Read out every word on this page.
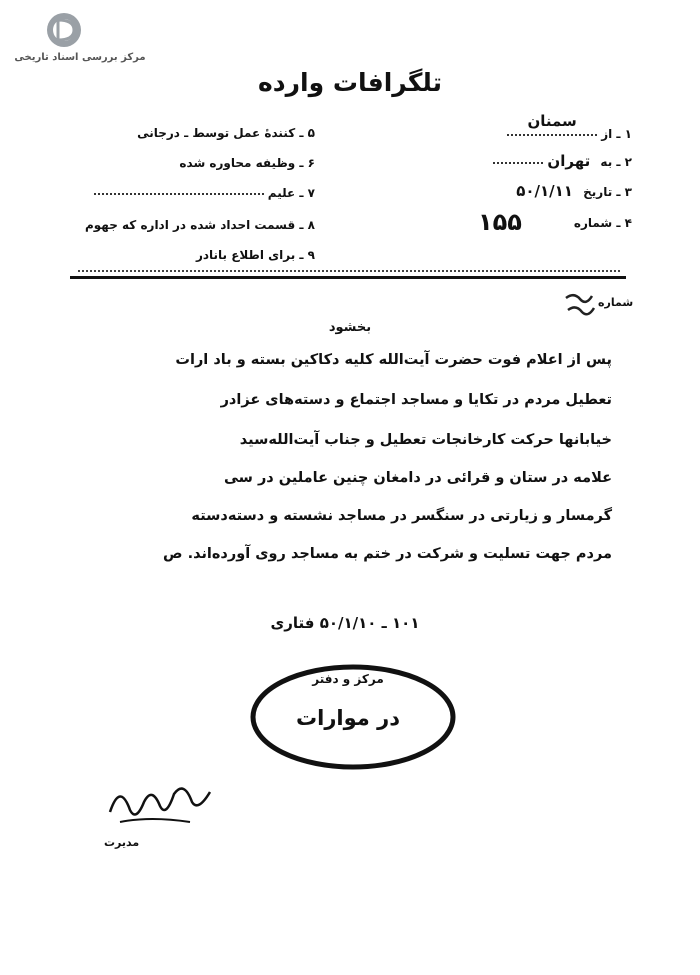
مرکز بررسی اسناد تاریخی
تلگرافات وارده
۱ ـ از  سمنان
۲ ـ به تهران
۳ ـ تاریخ ۵۰/۱/۱۱
۴ ـ شماره
۱۵۵
۵ ـ کنندهٔ عمل توسط ـ درجانی
۶ ـ وظیفه محاوره شده
۷ ـ علیم
۸ ـ قسمت احداد شده در اداره که جهوم
۹ ـ برای اطلاع بانادر
شماره
بخشود
پس از اعلام فوت حضرت آیت‌الله کلیه دکاکین بسته و باد ارات
تعطیل مردم در تکایا و مساجد اجتماع و دسته‌های عزادر
خیابانها حرکت کارخانجات تعطیل و جناب آیت‌الله‌سید
علامه در ستان و قرائی در دامغان چنین عاملین در سی
گرمسار و زیارتی در سنگسر در مساجد نشسته و دسته‌دسته
مردم جهت تسلیت و شرکت در ختم به مساجد روی آورده‌اند. ص
۱۰۱ ـ ۵۰/۱/۱۰ فتاری
مرکز و دفتر
در موارات
مدیرت
